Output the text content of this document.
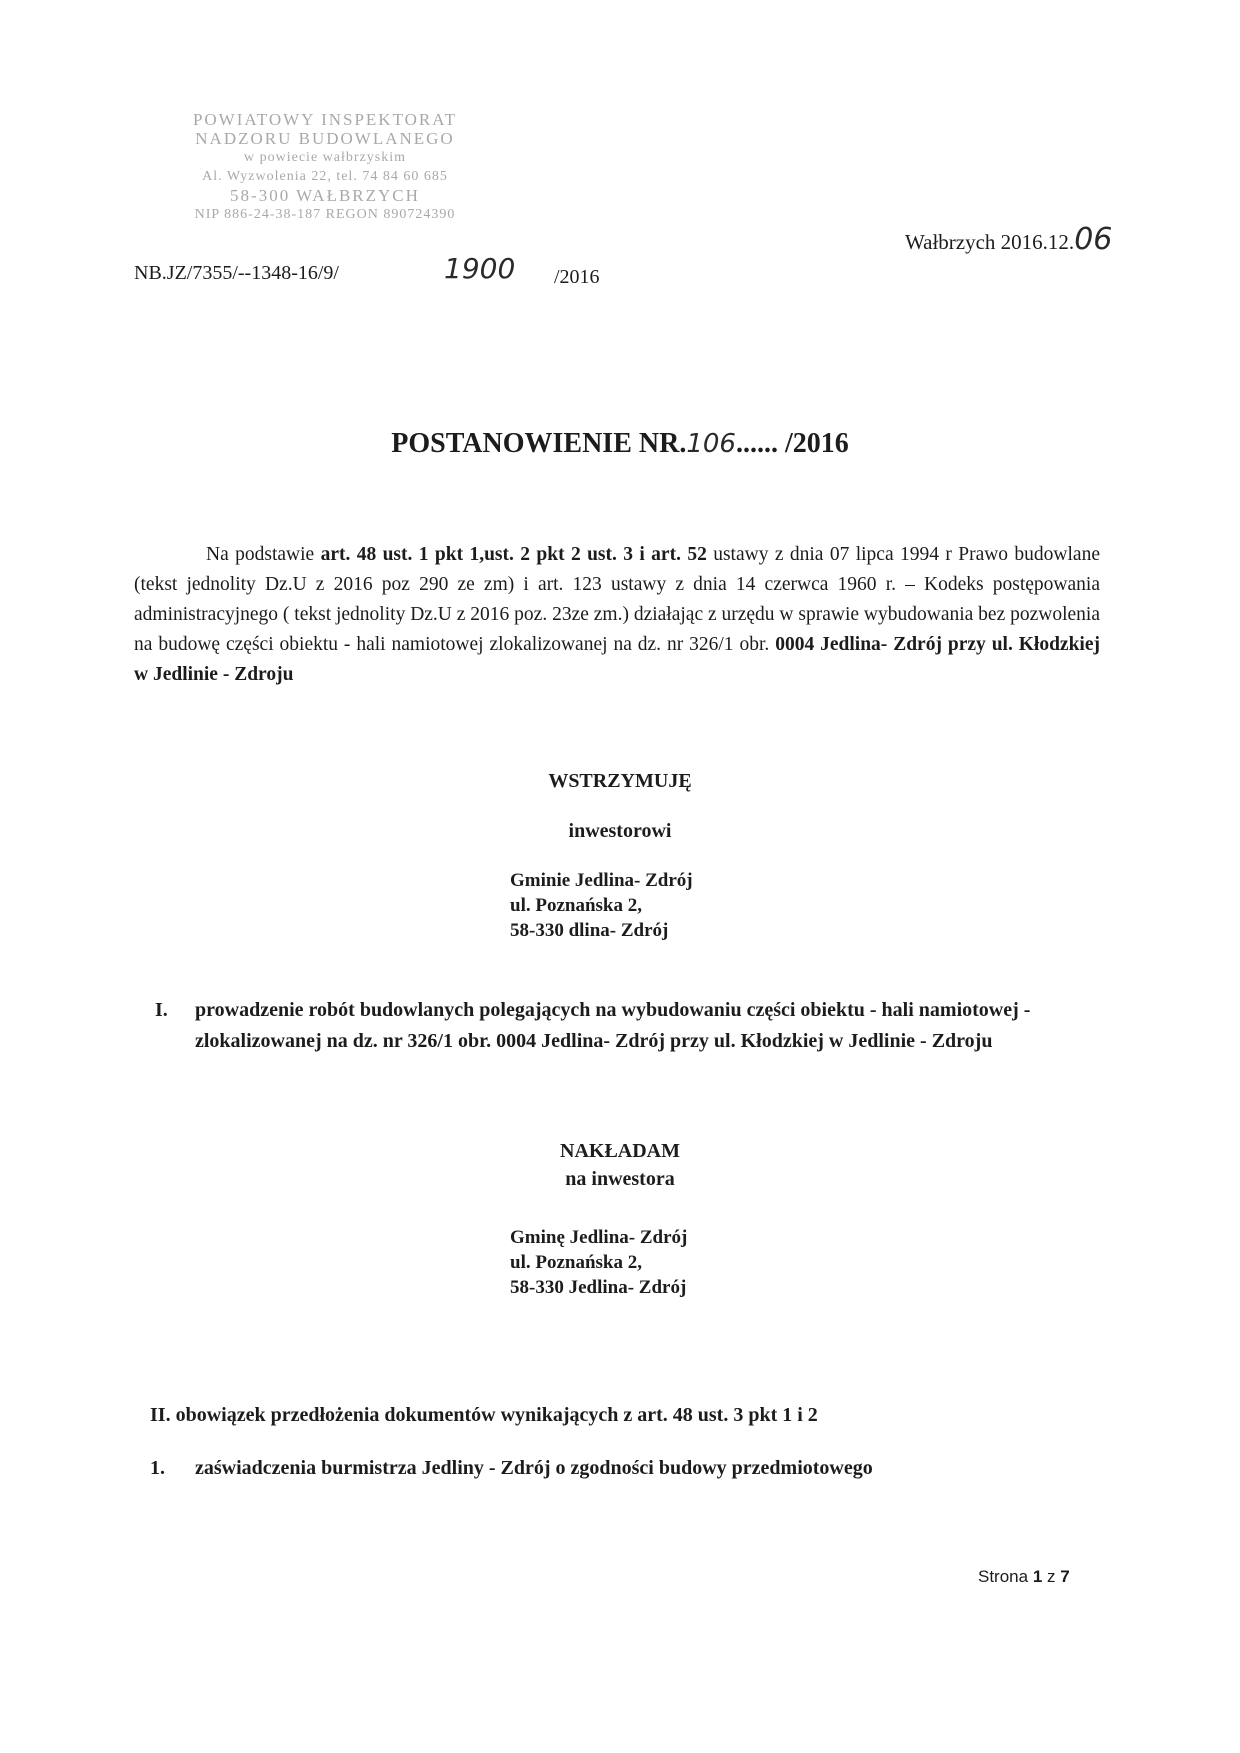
POWIATOWY INSPEKTORAT
NADZORU BUDOWLANEGO
w powiecie wałbrzyskim
Al. Wyzwolenia 22, tel. 74 84 60 685
58-300 WAŁBRZYCH
NIP 886-24-38-187 REGON 890724390
Wałbrzych 2016.12.06
NB.JZ/7355/--1348-16/9/	1900 /2016
POSTANOWIENIE NR.106...... /2016
Na podstawie art. 48 ust. 1 pkt 1,ust. 2 pkt 2 ust. 3 i art. 52 ustawy z dnia 07 lipca 1994 r Prawo budowlane (tekst jednolity Dz.U z 2016 poz 290 ze zm) i art. 123 ustawy z dnia 14 czerwca 1960 r. – Kodeks postępowania administracyjnego ( tekst jednolity Dz.U z 2016 poz. 23ze zm.) działając z urzędu w sprawie wybudowania bez pozwolenia na budowę części obiektu - hali namiotowej zlokalizowanej na dz. nr 326/1 obr. 0004 Jedlina- Zdrój przy ul. Kłodzkiej w Jedlinie - Zdroju
WSTRZYMUJĘ
inwestorowi
Gminie Jedlina- Zdrój
ul. Poznańska 2,
58-330 dlina- Zdrój
I. prowadzenie robót budowlanych polegających na wybudowaniu części obiektu - hali namiotowej - zlokalizowanej na dz. nr 326/1 obr. 0004 Jedlina- Zdrój przy ul. Kłodzkiej w Jedlinie - Zdroju
NAKŁADAM
na inwestora
Gminę Jedlina- Zdrój
ul. Poznańska 2,
58-330 Jedlina- Zdrój
II. obowiązek przedłożenia dokumentów wynikających z art. 48 ust. 3 pkt 1 i 2
1. zaświadczenia burmistrza Jedliny - Zdrój o zgodności budowy przedmiotowego
Strona 1 z 7
